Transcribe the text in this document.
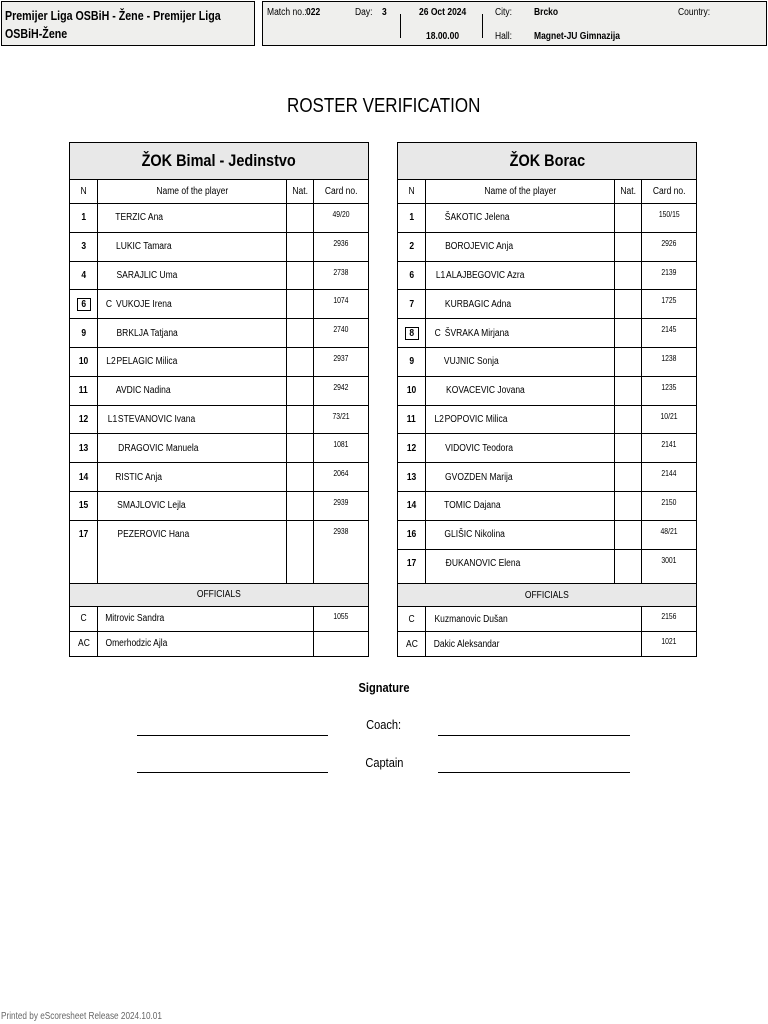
Premijer Liga OSBiH - Žene - Premijer Liga
OSBiH-Žene
Match no.: 022	Day: 3	26 Oct 2024
18.00.00
City: Brcko
Hall: Magnet-JU Gimnazija
Country:
ROSTER VERIFICATION
ŽOK Bimal - Jedinstvo
N	Name of the player	Nat. Card no.
1	TERZIC Ana	49/20
3	LUKIC Tamara	2936
4	SARAJLIC Uma	2738
6 C VUKOJE Irena	1074
9	BRKLJA Tatjana	2740
10 L2PELAGIC Milica	2937
11	AVDIC Nadina	2942
12 L1STEVANOVIC Ivana	73/21
13	DRAGOVIC Manuela	1081
14	RISTIC Anja	2064
15	SMAJLOVIC Lejla	2939
17	PEZEROVIC Hana	2938
OFFICIALS
C Mitrovic Sandra	1055
AC Omerhodzic Ajla
ŽOK Borac
N	Name of the player	Nat. Card no.
1	ŠAKOTIC Jelena	150/15
2	BOROJEVIC Anja	2926
6 L1ALAJBEGOVIC Azra	2139
7	KURBAGIC Adna	1725
8 C ŠVRAKA Mirjana	2145
9	VUJNIC Sonja	1238
10	KOVACEVIC Jovana	1235
11 L2POPOVIC Milica	10/21
12	VIDOVIC Teodora	2141
13	GVOZDEN Marija	2144
14	TOMIC Dajana	2150
16	GLIŠIC Nikolina	48/21
17	ĐUKANOVIC Elena	3001
OFFICIALS
C Kuzmanovic Dušan	2156
AC Dakic Aleksandar	1021
Signature
Coach:
Captain
Printed by eScoresheet Release 2024.10.01
